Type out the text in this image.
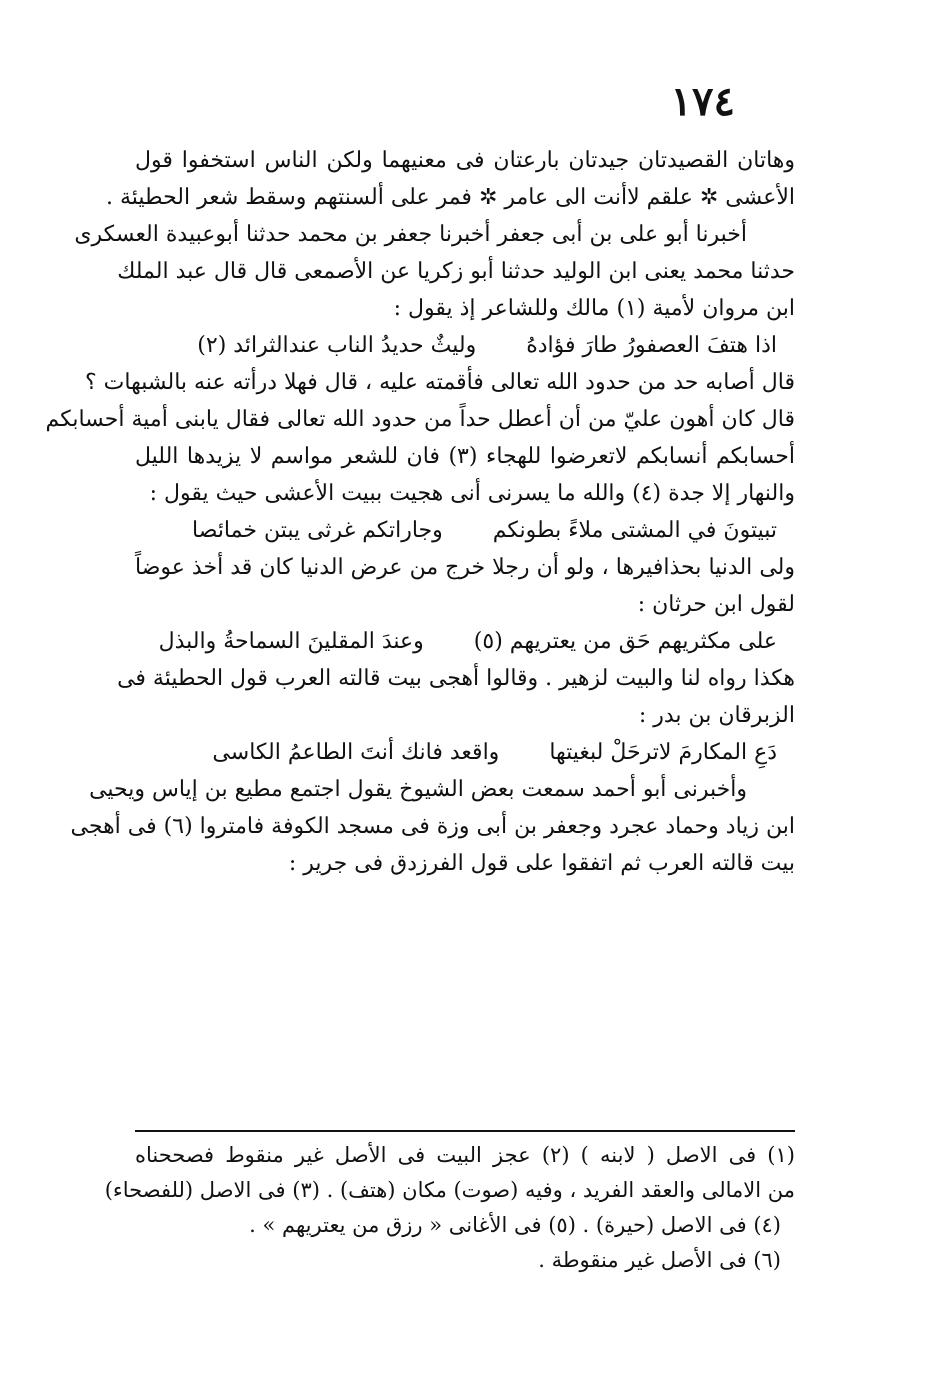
١٧٤
وهاتان القصيدتان جيدتان بارعتان فى معنيهما ولكن الناس استخفوا قول
الأعشى ✲ علقم لاأنت الى عامر ✲ فمر على ألسنتهم وسقط شعر الحطيئة .
أخبرنا أبو على بن أبى جعفر أخبرنا جعفر بن محمد حدثنا أبوعبيدة العسكرى
حدثنا محمد يعنى ابن الوليد حدثنا أبو زكريا عن الأصمعى قال قال عبد الملك
ابن مروان لأمية (١) مالك وللشاعر إذ يقول :
اذا هتفَ العصفورُ طارَ فؤادهُ
وليثٌ حديدُ الناب عندالثرائد (٢)
قال أصابه حد من حدود الله تعالى فأقمته عليه ، قال فهلا درأته عنه بالشبهات ؟
قال كان أهون عليّ من أن أعطل حداً من حدود الله تعالى فقال يابنى أمية أحسابكم
أحسابكم أنسابكم لاتعرضوا للهجاء (٣) فان للشعر مواسم لا يزيدها الليل
والنهار إلا جدة (٤) والله ما يسرنى أنى هجيت ببيت الأعشى حيث يقول :
تبيتونَ في المشتى ملاءً بطونكم
وجاراتكم غرثى يبتن خمائصا
ولى الدنيا بحذافيرها ، ولو أن رجلا خرج من عرض الدنيا كان قد أخذ عوضاً
لقول ابن حرثان :
على مكثريهم حَق من يعتريهم (٥)
وعندَ المقلينَ السماحةُ والبذل
هكذا رواه لنا والبيت لزهير . وقالوا أهجى بيت قالته العرب قول الحطيئة فى
الزبرقان بن بدر :
دَعِ المكارمَ لاترحَلْ لبغيتها
واقعد فانك أنتَ الطاعمُ الكاسى
وأخبرنى أبو أحمد سمعت بعض الشيوخ يقول اجتمع مطيع بن إياس ويحيى
ابن زياد وحماد عجرد وجعفر بن أبى وزة فى مسجد الكوفة فامتروا (٦) فى أهجى
بيت قالته العرب ثم اتفقوا على قول الفرزدق فى جرير :
(١) فى الاصل ( لابنه ) (٢) عجز البيت فى الأصل غير منقوط فصححناه
من الامالى والعقد الفريد ، وفيه (صوت) مكان (هتف) . (٣) فى الاصل (للفصحاء)
(٤) فى الاصل (حيرة) . (٥) فى الأغانى « رزق من يعتريهم » .
(٦) فى الأصل غير منقوطة .
